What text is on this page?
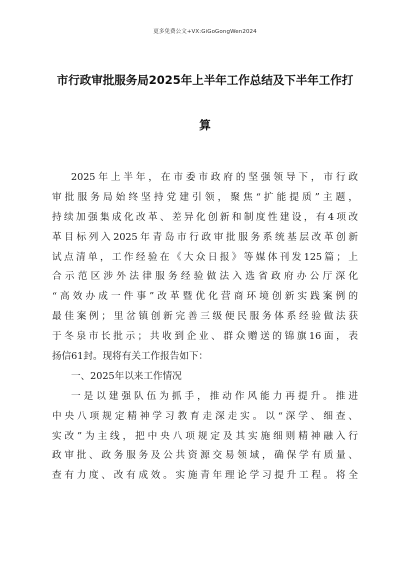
更多免费公文+VX:GiGoGongWen2024
市行政审批服务局2025年上半年工作总结及下半年工作打
算
2025年上半年，在市委市政府的坚强领导下，市行政
审批服务局始终坚持党建引领，聚焦“扩能提质”主题，
持续加强集成化改革、差异化创新和制度性建设，有4项改
革目标列入2025年青岛市行政审批服务系统基层改革创新
试点清单，工作经验在《大众日报》等媒体刊发125篇；上
合示范区涉外法律服务经验做法入选省政府办公厅深化
“高效办成一件事”改革暨优化营商环境创新实践案例的
最佳案例；里岔镇创新完善三级便民服务体系经验做法获
于冬泉市长批示；共收到企业、群众赠送的锦旗16面，表
扬信61封。现将有关工作报告如下：
一、2025年以来工作情况
一是以建强队伍为抓手，推动作风能力再提升。推进
中央八项规定精神学习教育走深走实。以“深学、细查、
实改”为主线，把中央八项规定及其实施细则精神融入行
政审批、政务服务及公共资源交易领域，确保学有质量、
查有力度、改有成效。实施青年理论学习提升工程。将全
